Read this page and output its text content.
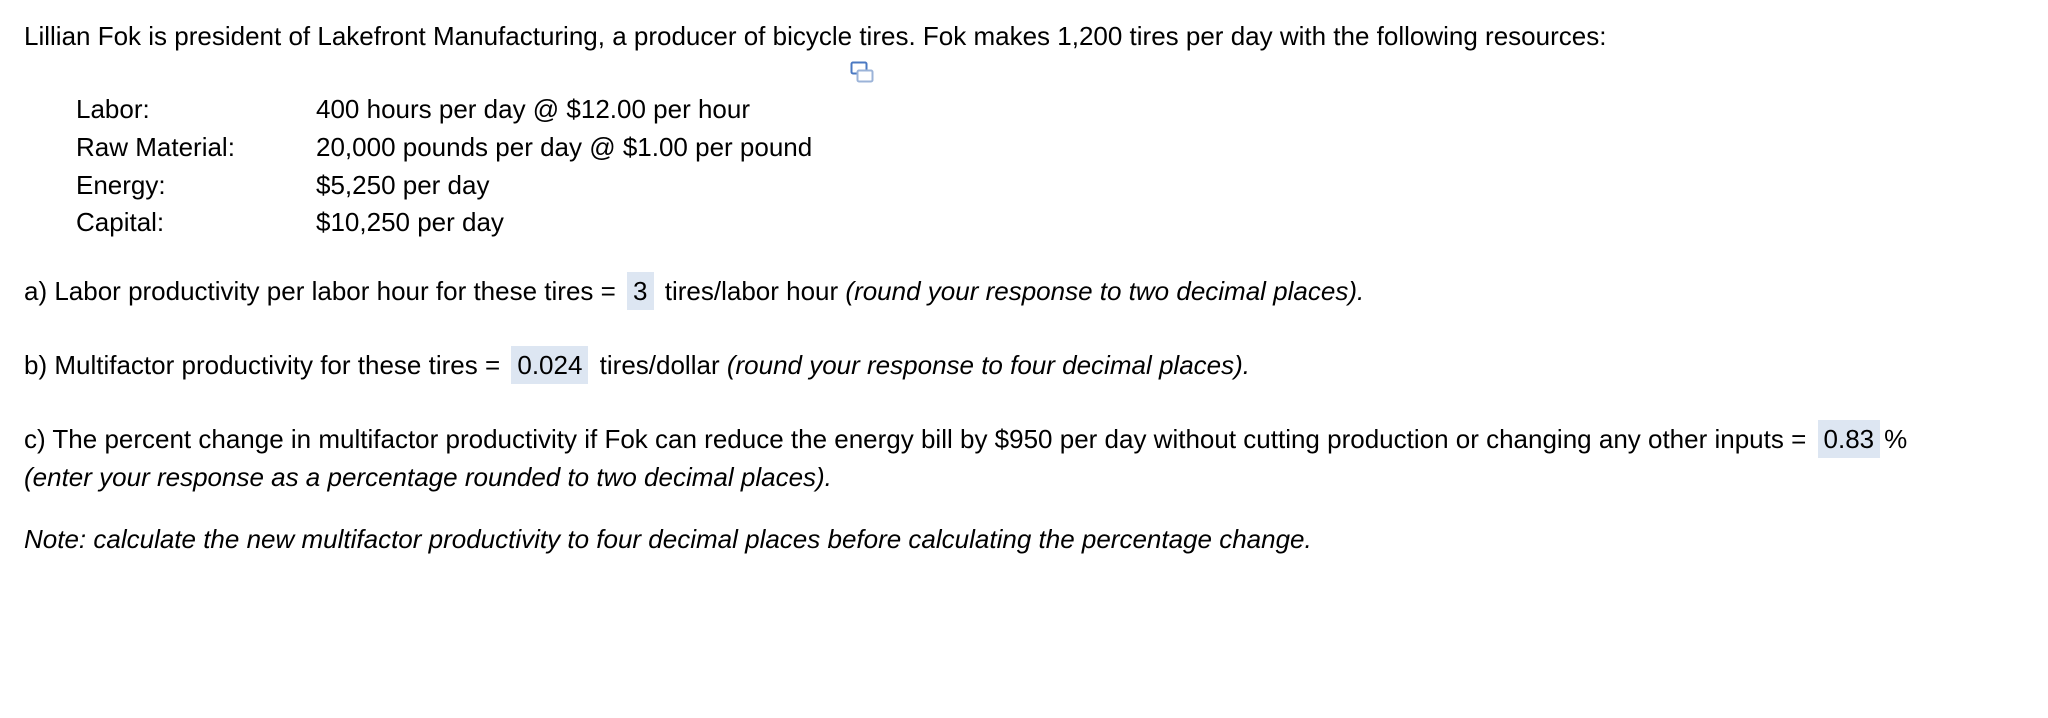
Lillian Fok is president of Lakefront Manufacturing, a producer of bicycle tires. Fok makes 1,200 tires per day with the following resources:
Labor:	400 hours per day @ $12.00 per hour
Raw Material:	20,000 pounds per day @ $1.00 per pound
Energy:	$5,250 per day
Capital:	$10,250 per day
a) Labor productivity per labor hour for these tires = 3 tires/labor hour (round your response to two decimal places).
b) Multifactor productivity for these tires = 0.024 tires/dollar (round your response to four decimal places).
c) The percent change in multifactor productivity if Fok can reduce the energy bill by $950 per day without cutting production or changing any other inputs = 0.83 %
(enter your response as a percentage rounded to two decimal places).
Note: calculate the new multifactor productivity to four decimal places before calculating the percentage change.
